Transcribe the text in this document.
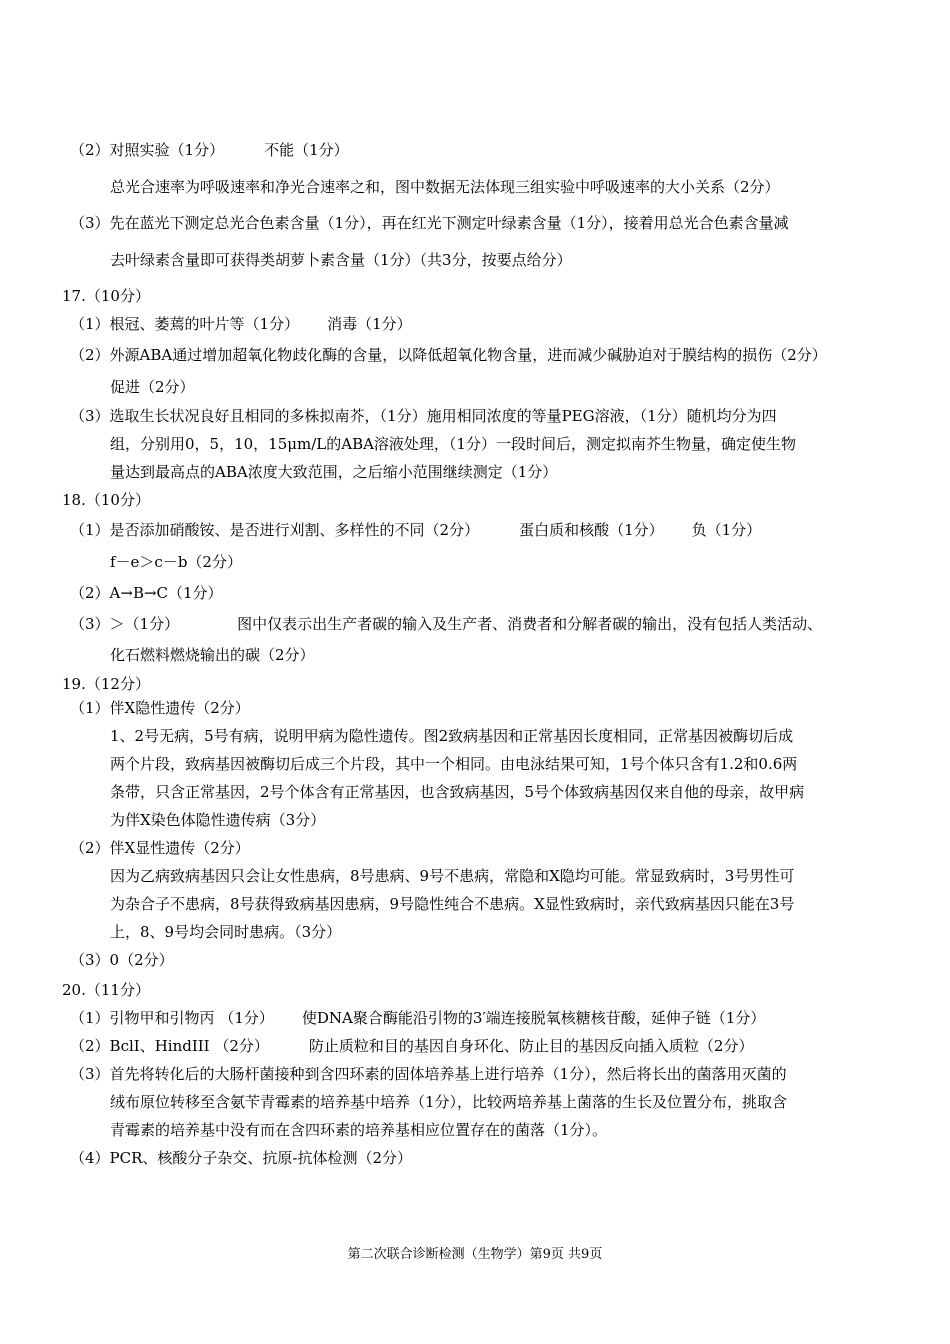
（2）对照实验（1分）	不能（1分）
总光合速率为呼吸速率和净光合速率之和，图中数据无法体现三组实验中呼吸速率的大小关系（2分）
（3）先在蓝光下测定总光合色素含量（1分），再在红光下测定叶绿素含量（1分），接着用总光合色素含量减
去叶绿素含量即可获得类胡萝卜素含量（1分）（共3分，按要点给分）
17.（10分）
（1）根冠、萎蔫的叶片等（1分） 消毒（1分）
（2）外源ABA通过增加超氧化物歧化酶的含量，以降低超氧化物含量，进而减少碱胁迫对于膜结构的损伤（2分）
促进（2分）
（3）选取生长状况良好且相同的多株拟南芥，（1分）施用相同浓度的等量PEG溶液，（1分）随机均分为四
组，分别用0，5，10，15μm/L的ABA溶液处理，（1分）一段时间后，测定拟南芥生物量，确定使生物
量达到最高点的ABA浓度大致范围，之后缩小范围继续测定（1分）
18.（10分）
（1）是否添加硝酸铵、是否进行刈割、多样性的不同（2分）	蛋白质和核酸（1分） 负（1分）
f－e＞c－b（2分）
（2）A→B→C（1分）
（3）＞（1分）	图中仅表示出生产者碳的输入及生产者、消费者和分解者碳的输出，没有包括人类活动、
化石燃料燃烧输出的碳（2分）
19.（12分）
（1）伴X隐性遗传（2分）
1、2号无病，5号有病，说明甲病为隐性遗传。图2致病基因和正常基因长度相同，正常基因被酶切后成
两个片段，致病基因被酶切后成三个片段，其中一个相同。由电泳结果可知，1号个体只含有1.2和0.6两
条带，只含正常基因，2号个体含有正常基因，也含致病基因，5号个体致病基因仅来自他的母亲，故甲病
为伴X染色体隐性遗传病（3分）
（2）伴X显性遗传（2分）
因为乙病致病基因只会让女性患病，8号患病、9号不患病，常隐和X隐均可能。常显致病时，3号男性可
为杂合子不患病，8号获得致病基因患病，9号隐性纯合不患病。X显性致病时，亲代致病基因只能在3号
上，8、9号均会同时患病。（3分）
（3）0（2分）
20.（11分）
（1）引物甲和引物丙 （1分） 使DNA聚合酶能沿引物的3′端连接脱氧核糖核苷酸，延伸子链（1分）
（2）BclⅠ、HindIII （2分）	防止质粒和目的基因自身环化、防止目的基因反向插入质粒（2分）
（3）首先将转化后的大肠杆菌接种到含四环素的固体培养基上进行培养（1分），然后将长出的菌落用灭菌的
绒布原位转移至含氨苄青霉素的培养基中培养（1分），比较两培养基上菌落的生长及位置分布，挑取含
青霉素的培养基中没有而在含四环素的培养基相应位置存在的菌落（1分）。
（4）PCR、核酸分子杂交、抗原-抗体检测（2分）
第二次联合诊断检测（生物学）第9页 共9页
